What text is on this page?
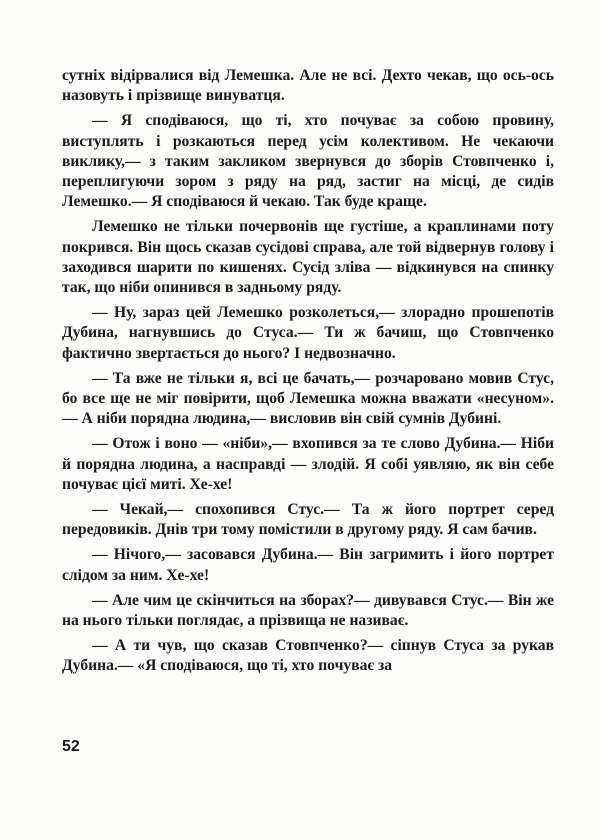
сутніх відірвалися від Лемешка. Але не всі. Дехто чекав, що ось-ось назовуть і прізвище винуватця.

— Я сподіваюся, що ті, хто почуває за собою провину, виступлять і розкаються перед усім колективом. Не чекаючи виклику,— з таким закликом звернувся до зборів Стовпченко і, переплигуючи зором з ряду на ряд, застиг на місці, де сидів Лемешко.— Я сподіваюся й чекаю. Так буде краще.

Лемешко не тільки почервонів ще густіше, а краплинами поту покрився. Він щось сказав сусідові справа, але той відвернув голову і заходився шарити по кишенях. Сусід зліва — відкинувся на спинку так, що ніби опинився в задньому ряду.

— Ну, зараз цей Лемешко розколеться,— злорадно прошепотів Дубина, нагнувшись до Стуса.— Ти ж бачиш, що Стовпченко фактично звертається до нього? І недвозначно.

— Та вже не тільки я, всі це бачать,— розчаровано мовив Стус, бо все ще не міг повірити, щоб Лемешка можна вважати «несуном».— А ніби порядна людина,— висловив він свій сумнів Дубині.

— Отож і воно — «ніби»,— вхопився за те слово Дубина.— Ніби й порядна людина, а насправді — злодій. Я собі уявляю, як він себе почуває цієї миті. Хе-хе!

— Чекай,— спохопився Стус.— Та ж його портрет серед передовиків. Днів три тому помістили в другому ряду. Я сам бачив.

— Нічого,— засовався Дубина.— Він загримить і його портрет слідом за ним. Хе-хе!

— Але чим це скінчиться на зборах?— дивувався Стус.— Він же на нього тільки поглядає, а прізвища не називає.

— А ти чув, що сказав Стовпченко?— сіпнув Стуса за рукав Дубина.— «Я сподіваюся, що ті, хто почуває за

52
